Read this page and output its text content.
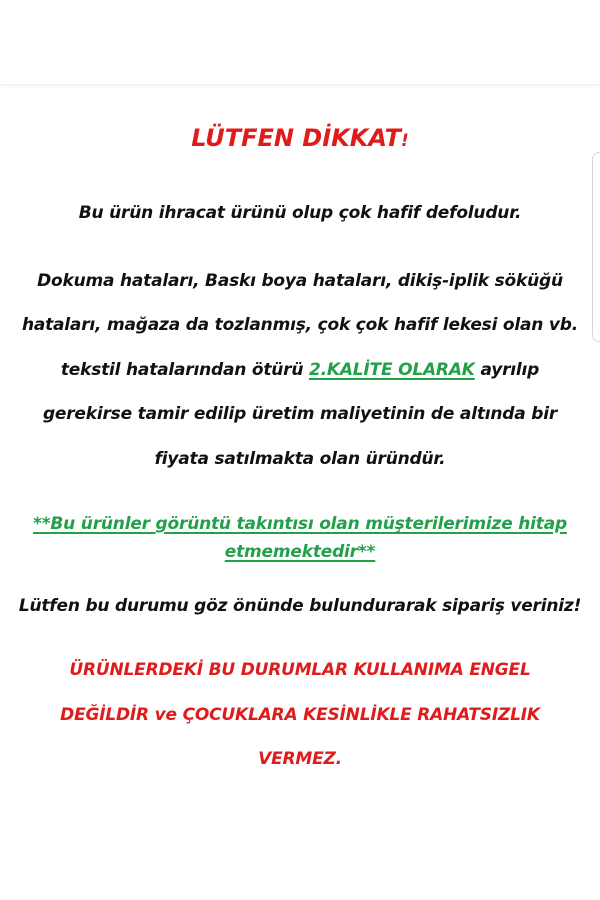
LÜTFEN DİKKAT!
Bu ürün ihracat ürünü olup çok hafif defoludur.
Dokuma hataları, Baskı boya hataları, dikiş-iplik söküğü
hataları, mağaza da tozlanmış, çok çok hafif lekesi olan vb.
tekstil hatalarından ötürü 2.KALİTE OLARAK ayrılıp
gerekirse tamir edilip üretim maliyetinin de altında bir
fiyata satılmakta olan üründür.
**Bu ürünler görüntü takıntısı olan müşterilerimize hitap
etmemektedir**
Lütfen bu durumu göz önünde bulundurarak sipariş veriniz!
ÜRÜNLERDEKİ BU DURUMLAR KULLANIMA ENGEL
DEĞİLDİR ve ÇOCUKLARA KESİNLİKLE RAHATSIZLIK
VERMEZ.
